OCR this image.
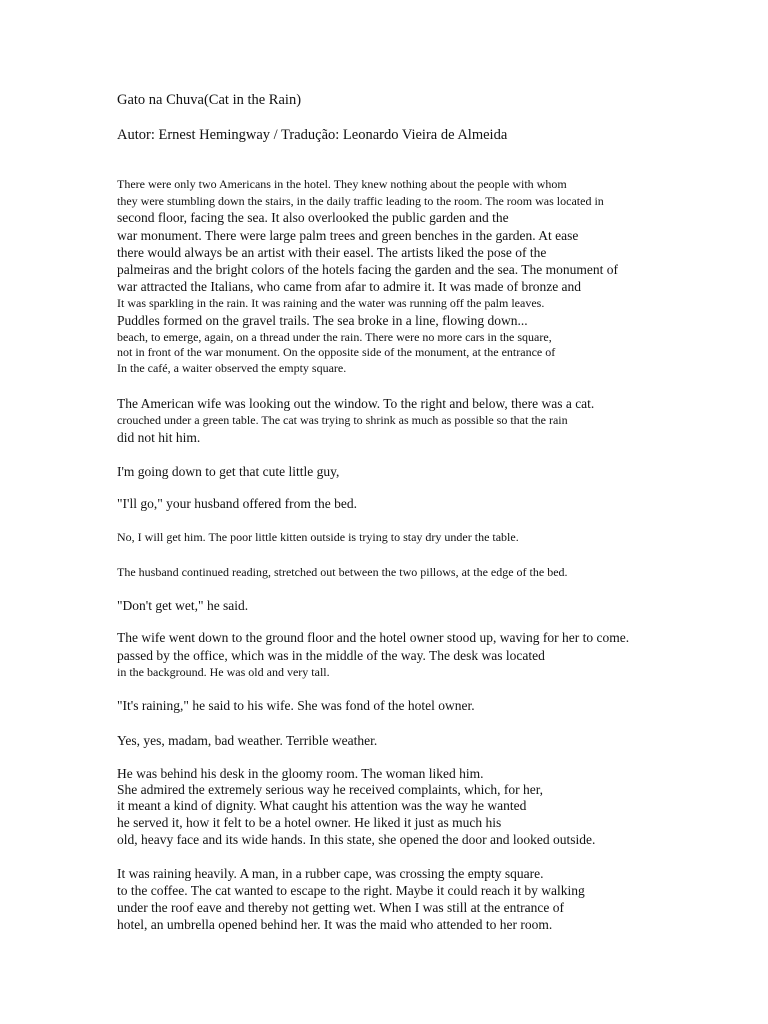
Gato na Chuva(Cat in the Rain)
Autor: Ernest Hemingway / Tradução: Leonardo Vieira de Almeida
There were only two Americans in the hotel. They knew nothing about the people with whom
they were stumbling down the stairs, in the daily traffic leading to the room. The room was located in
second floor, facing the sea. It also overlooked the public garden and the
war monument. There were large palm trees and green benches in the garden. At ease
there would always be an artist with their easel. The artists liked the pose of the
palmeiras and the bright colors of the hotels facing the garden and the sea. The monument of
war attracted the Italians, who came from afar to admire it. It was made of bronze and
It was sparkling in the rain. It was raining and the water was running off the palm leaves.
Puddles formed on the gravel trails. The sea broke in a line, flowing down...
beach, to emerge, again, on a thread under the rain. There were no more cars in the square,
not in front of the war monument. On the opposite side of the monument, at the entrance of
In the café, a waiter observed the empty square.
The American wife was looking out the window. To the right and below, there was a cat.
crouched under a green table. The cat was trying to shrink as much as possible so that the rain
did not hit him.
I'm going down to get that cute little guy,
"I'll go," your husband offered from the bed.
No, I will get him. The poor little kitten outside is trying to stay dry under the table.
The husband continued reading, stretched out between the two pillows, at the edge of the bed.
"Don't get wet," he said.
The wife went down to the ground floor and the hotel owner stood up, waving for her to come.
passed by the office, which was in the middle of the way. The desk was located
in the background. He was old and very tall.
"It's raining," he said to his wife. She was fond of the hotel owner.
Yes, yes, madam, bad weather. Terrible weather.
He was behind his desk in the gloomy room. The woman liked him.
She admired the extremely serious way he received complaints, which, for her,
it meant a kind of dignity. What caught his attention was the way he wanted
he served it, how it felt to be a hotel owner. He liked it just as much his
old, heavy face and its wide hands. In this state, she opened the door and looked outside.
It was raining heavily. A man, in a rubber cape, was crossing the empty square.
to the coffee. The cat wanted to escape to the right. Maybe it could reach it by walking
under the roof eave and thereby not getting wet. When I was still at the entrance of
hotel, an umbrella opened behind her. It was the maid who attended to her room.
